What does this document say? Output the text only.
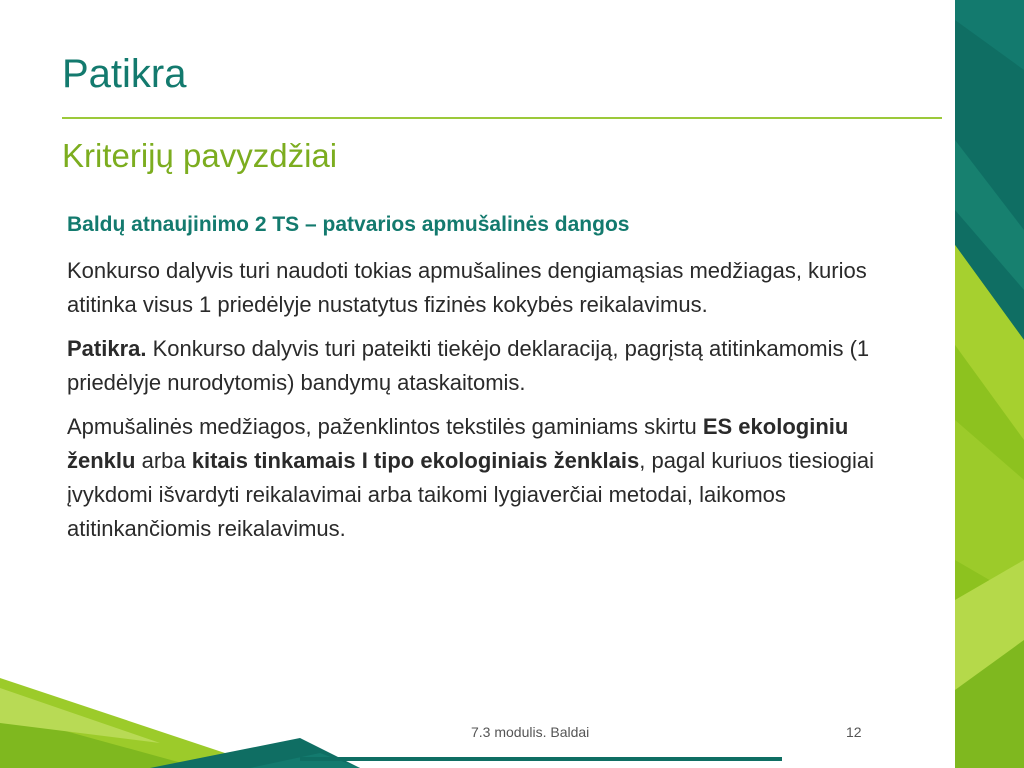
Patikra
Kriterijų pavyzdžiai

Baldų atnaujinimo 2 TS – patvarios apmušalinės dangos

Konkurso dalyvis turi naudoti tokias apmušalines dengiamąsias medžiagas, kurios atitinka visus 1 priedėlyje nustatytus fizinės kokybės reikalavimus.

Patikra. Konkurso dalyvis turi pateikti tiekėjo deklaraciją, pagrįstą atitinkamomis (1 priedėlyje nurodytomis) bandymų ataskaitomis.

Apmušalinės medžiagos, paženklintos tekstilės gaminiams skirtu ES ekologiniu ženklu arba kitais tinkamais I tipo ekologiniais ženklais, pagal kuriuos tiesiogiai įvykdomi išvardyti reikalavimai arba taikomi lygiaverčiai metodai, laikomos atitinkančiomis reikalavimus.

7.3 modulis. Baldai	12
